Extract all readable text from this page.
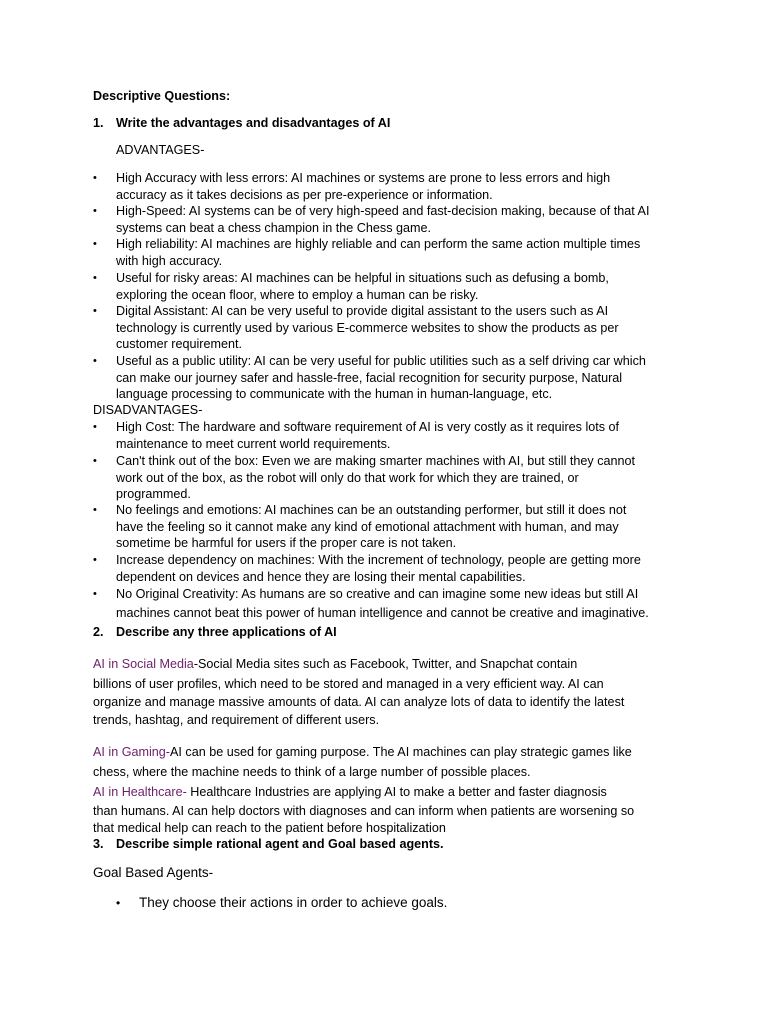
Descriptive Questions:
1. Write the advantages and disadvantages of AI
ADVANTAGES-
• High Accuracy with less errors: AI machines or systems are prone to less errors and high
accuracy as it takes decisions as per pre-experience or information.
• High-Speed: AI systems can be of very high-speed and fast-decision making, because of that AI
systems can beat a chess champion in the Chess game.
• High reliability: AI machines are highly reliable and can perform the same action multiple times
with high accuracy.
• Useful for risky areas: AI machines can be helpful in situations such as defusing a bomb,
exploring the ocean floor, where to employ a human can be risky.
• Digital Assistant: AI can be very useful to provide digital assistant to the users such as AI
technology is currently used by various E-commerce websites to show the products as per
customer requirement.
• Useful as a public utility: AI can be very useful for public utilities such as a self driving car which
can make our journey safer and hassle-free, facial recognition for security purpose, Natural
language processing to communicate with the human in human-language, etc.
DISADVANTAGES-
• High Cost: The hardware and software requirement of AI is very costly as it requires lots of
maintenance to meet current world requirements.
• Can't think out of the box: Even we are making smarter machines with AI, but still they cannot
work out of the box, as the robot will only do that work for which they are trained, or
programmed.
• No feelings and emotions: AI machines can be an outstanding performer, but still it does not
have the feeling so it cannot make any kind of emotional attachment with human, and may
sometime be harmful for users if the proper care is not taken.
• Increase dependency on machines: With the increment of technology, people are getting more
dependent on devices and hence they are losing their mental capabilities.
• No Original Creativity: As humans are so creative and can imagine some new ideas but still AI
machines cannot beat this power of human intelligence and cannot be creative and imaginative.
2. Describe any three applications of AI
AI in Social Media-Social Media sites such as Facebook, Twitter, and Snapchat contain
billions of user profiles, which need to be stored and managed in a very efficient way. AI can
organize and manage massive amounts of data. AI can analyze lots of data to identify the latest
trends, hashtag, and requirement of different users.
AI in Gaming-AI can be used for gaming purpose. The AI machines can play strategic games like
chess, where the machine needs to think of a large number of possible places.
AI in Healthcare- Healthcare Industries are applying AI to make a better and faster diagnosis
than humans. AI can help doctors with diagnoses and can inform when patients are worsening so
that medical help can reach to the patient before hospitalization
3. Describe simple rational agent and Goal based agents.
Goal Based Agents-
• They choose their actions in order to achieve goals.
